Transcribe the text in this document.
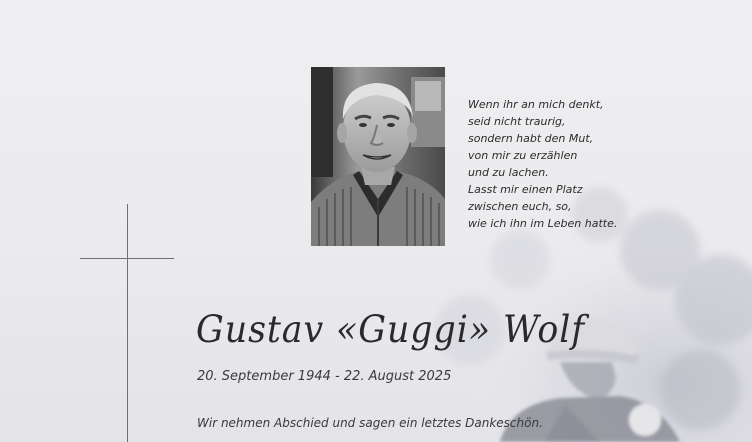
Wenn ihr an mich denkt,
seid nicht traurig,
sondern habt den Mut,
von mir zu erzählen
und zu lachen.
Lasst mir einen Platz
zwischen euch, so,
wie ich ihn im Leben hatte.
Gustav «Guggi» Wolf
20. September 1944 - 22. August 2025
Wir nehmen Abschied und sagen ein letztes Dankeschön.
